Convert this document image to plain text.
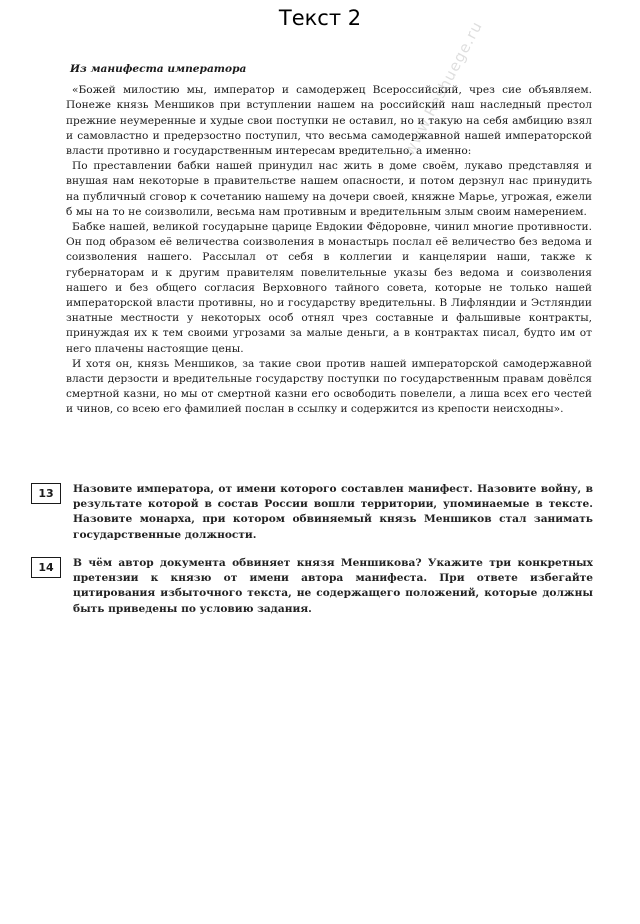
Текст 2
Из манифеста императора

«Божей милостию мы, император и самодержец Всероссийский, чрез сие объявляем. Понеже князь Меншиков при вступлении нашем на российский наш наследный престол прежние неумеренные и худые свои поступки не оставил, но и такую на себя амбицию взял и самовластно и предерзостно поступил, что весьма самодержавной нашей императорской власти противно и государственным интересам вредительно, а именно:

По преставлении бабки нашей принудил нас жить в доме своём, лукаво представляя и внушая нам некоторые в правительстве нашем опасности, и потом дерзнул нас принудить на публичный сговор к сочетанию нашему на дочери своей, княжне Марье, угрожая, ежели б мы на то не соизволили, весьма нам противным и вредительным злым своим намерением.

Бабке нашей, великой государыне царице Евдокии Фёдоровне, чинил многие противности. Он под образом её величества соизволения в монастырь послал её величество без ведома и соизволения нашего. Рассылал от себя в коллегии и канцелярии наши, также к губернаторам и к другим правителям повелительные указы без ведома и соизволения нашего и без общего согласия Верховного тайного совета, которые не только нашей императорской власти противны, но и государству вредительны. В Лифляндии и Эстляндии знатные местности у некоторых особ отнял чрез составные и фальшивые контракты, принуждая их к тем своими угрозами за малые деньги, а в контрактах писал, будто им от него плачены настоящие цены.

И хотя он, князь Меншиков, за такие свои против нашей императорской самодержавной власти дерзости и вредительные государству поступки по государственным правам довёлся смертной казни, но мы от смертной казни его освободить повелели, а лиша всех его честей и чинов, со всею его фамилией послан в ссылку и содержится из крепости неисходны».

13	Назовите императора, от имени которого составлен манифест. Назовите войну, в результате которой в состав России вошли территории, упоминаемые в тексте. Назовите монарха, при котором обвиняемый князь Меншиков стал занимать государственные должности.
14	В чём автор документа обвиняет князя Меншикова? Укажите три конкретных претензии к князю от имени автора манифеста. При ответе избегайте цитирования избыточного текста, не содержащего положений, которые должны быть приведены по условию задания.
www.Reshuege.ru
